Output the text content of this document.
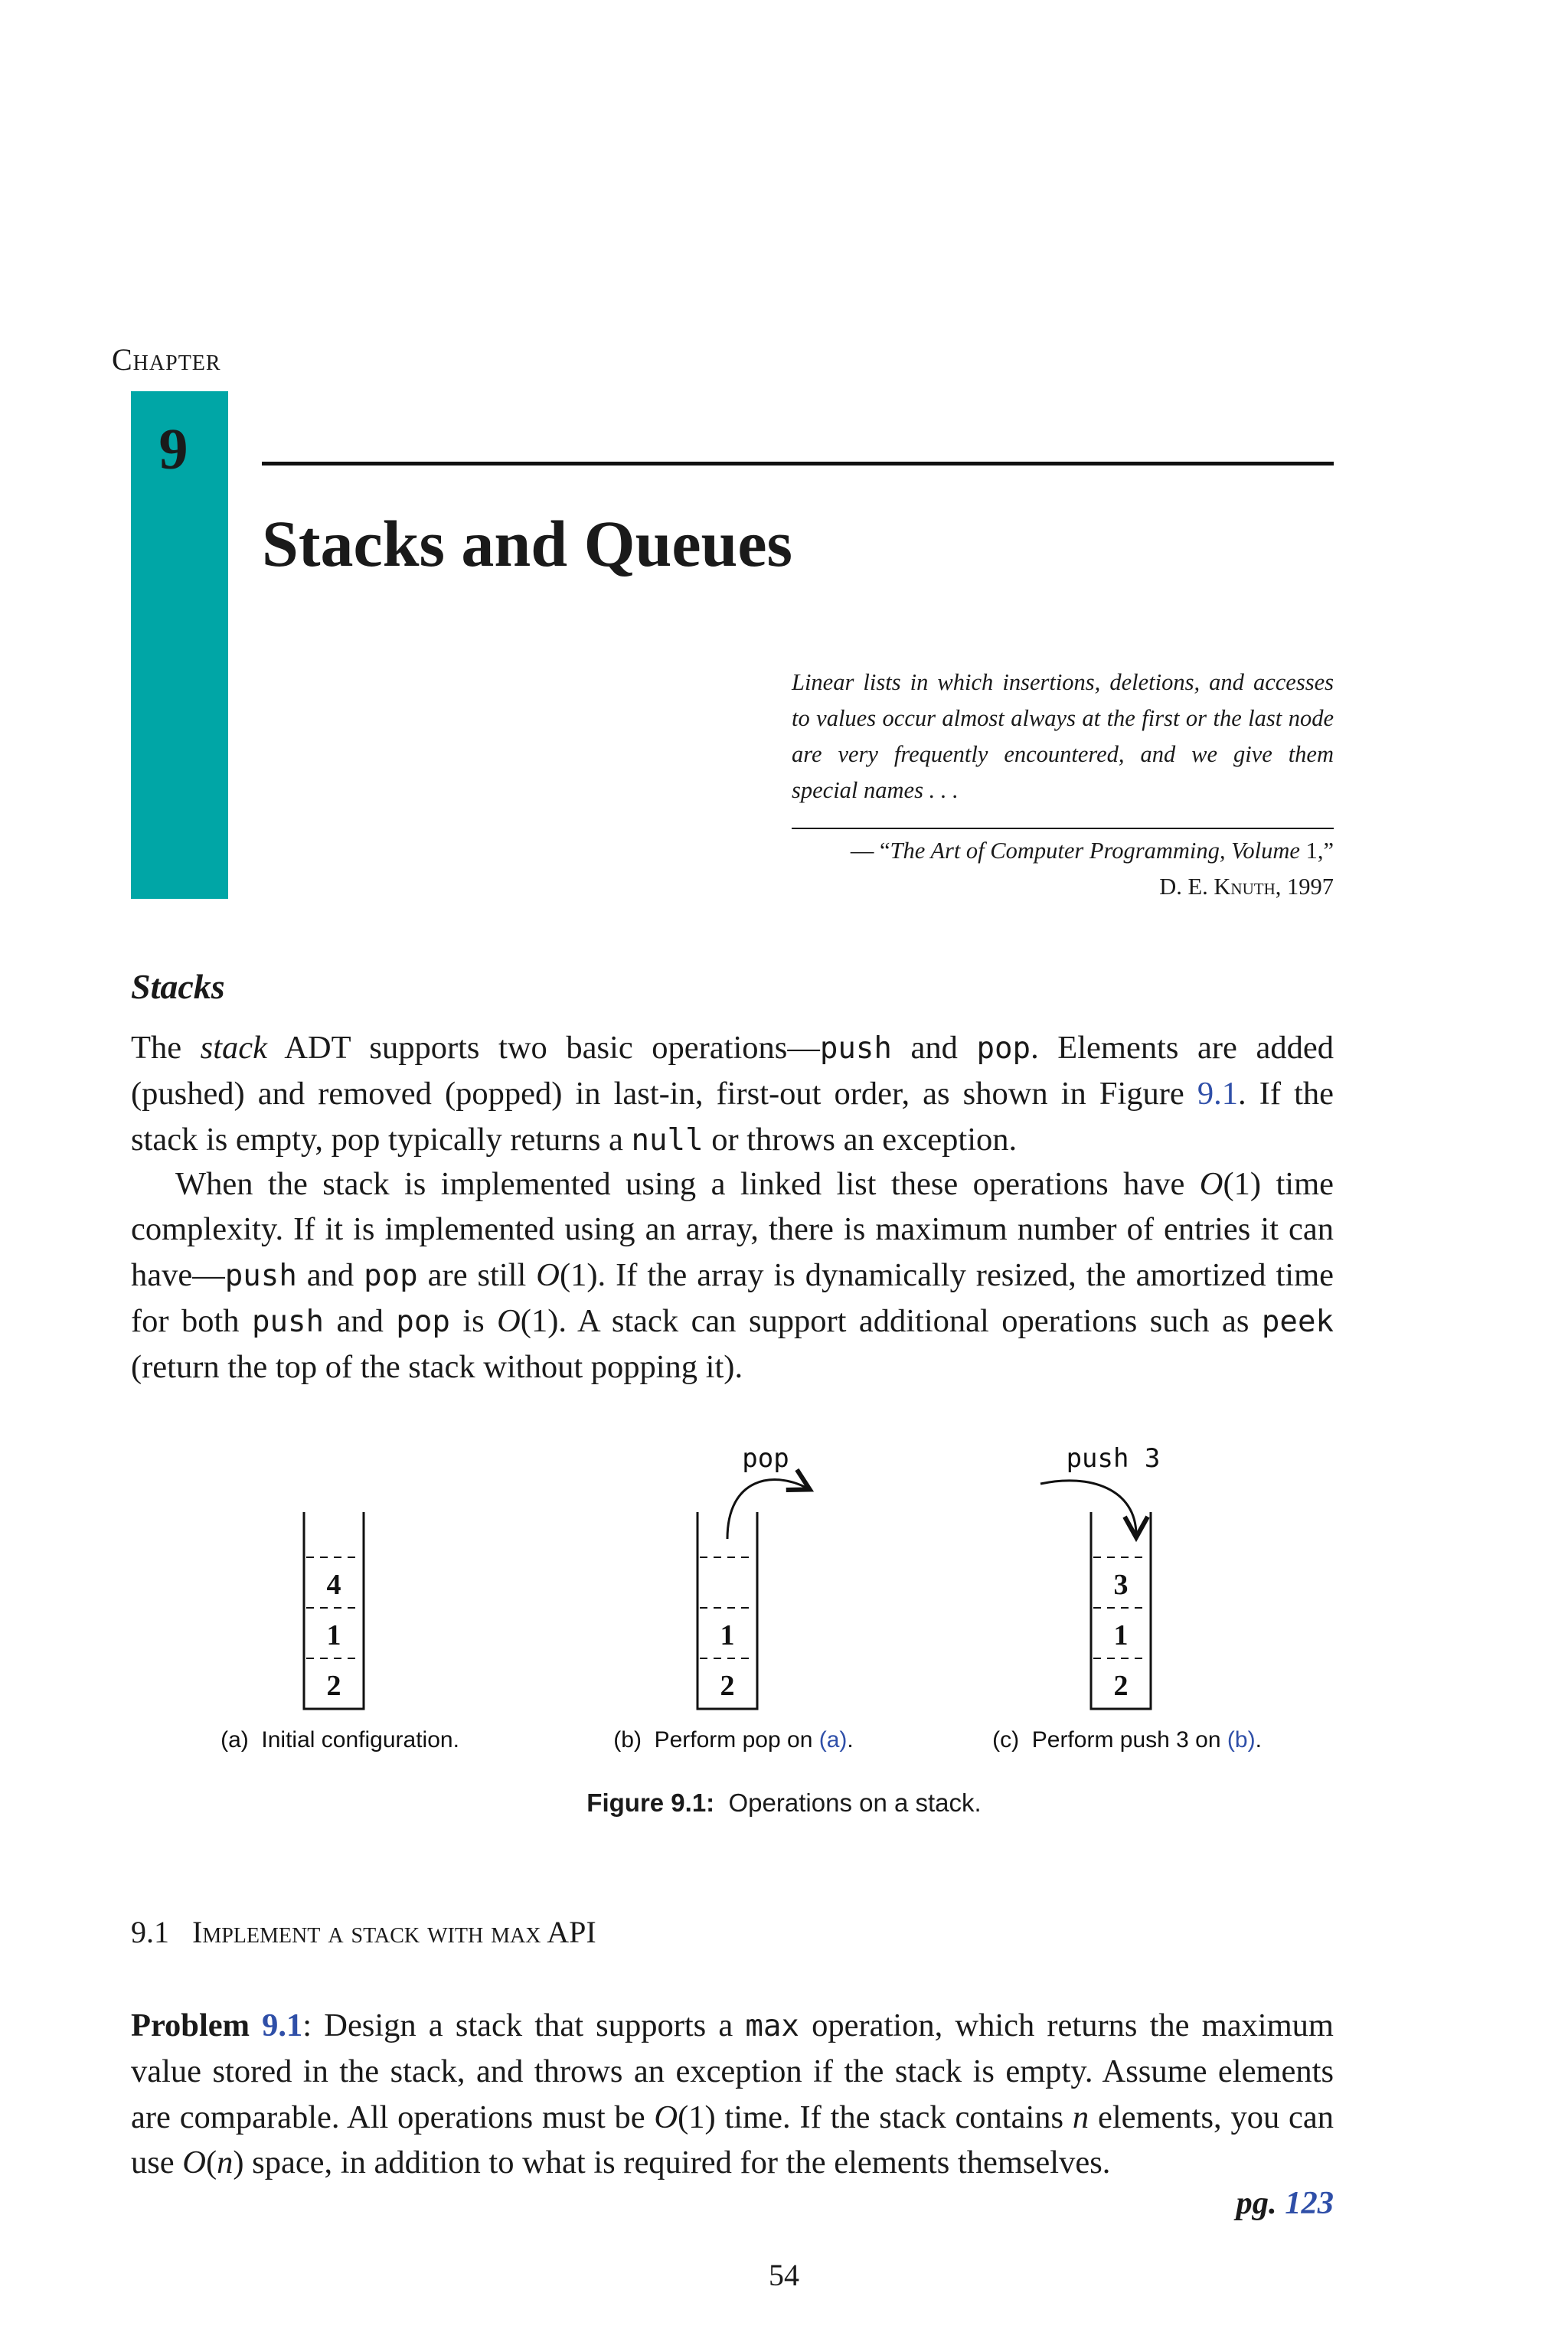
Chapter
9
Stacks and Queues
Linear lists in which insertions, deletions, and accesses to values occur almost always at the first or the last node are very frequently encountered, and we give them special names . . .
— “The Art of Computer Programming, Volume 1,”
D. E. Knuth, 1997
Stacks
The stack ADT supports two basic operations—push and pop. Elements are added (pushed) and removed (popped) in last-in, first-out order, as shown in Figure 9.1. If the stack is empty, pop typically returns a null or throws an exception.
When the stack is implemented using a linked list these operations have O(1) time complexity. If it is implemented using an array, there is maximum number of entries it can have—push and pop are still O(1). If the array is dynamically resized, the amortized time for both push and pop is O(1). A stack can support additional operations such as peek (return the top of the stack without popping it).
2
1
4
(a)  Initial configuration.
2
1
pop
(b)  Perform pop on (a).
2
1
3
push 3
(c)  Perform push 3 on (b).
Figure 9.1: Operations on a stack.
9.1 Implement a stack with max API
Problem 9.1: Design a stack that supports a max operation, which returns the maximum value stored in the stack, and throws an exception if the stack is empty. Assume elements are comparable. All operations must be O(1) time. If the stack contains n elements, you can use O(n) space, in addition to what is required for the elements themselves.
pg. 123
54
